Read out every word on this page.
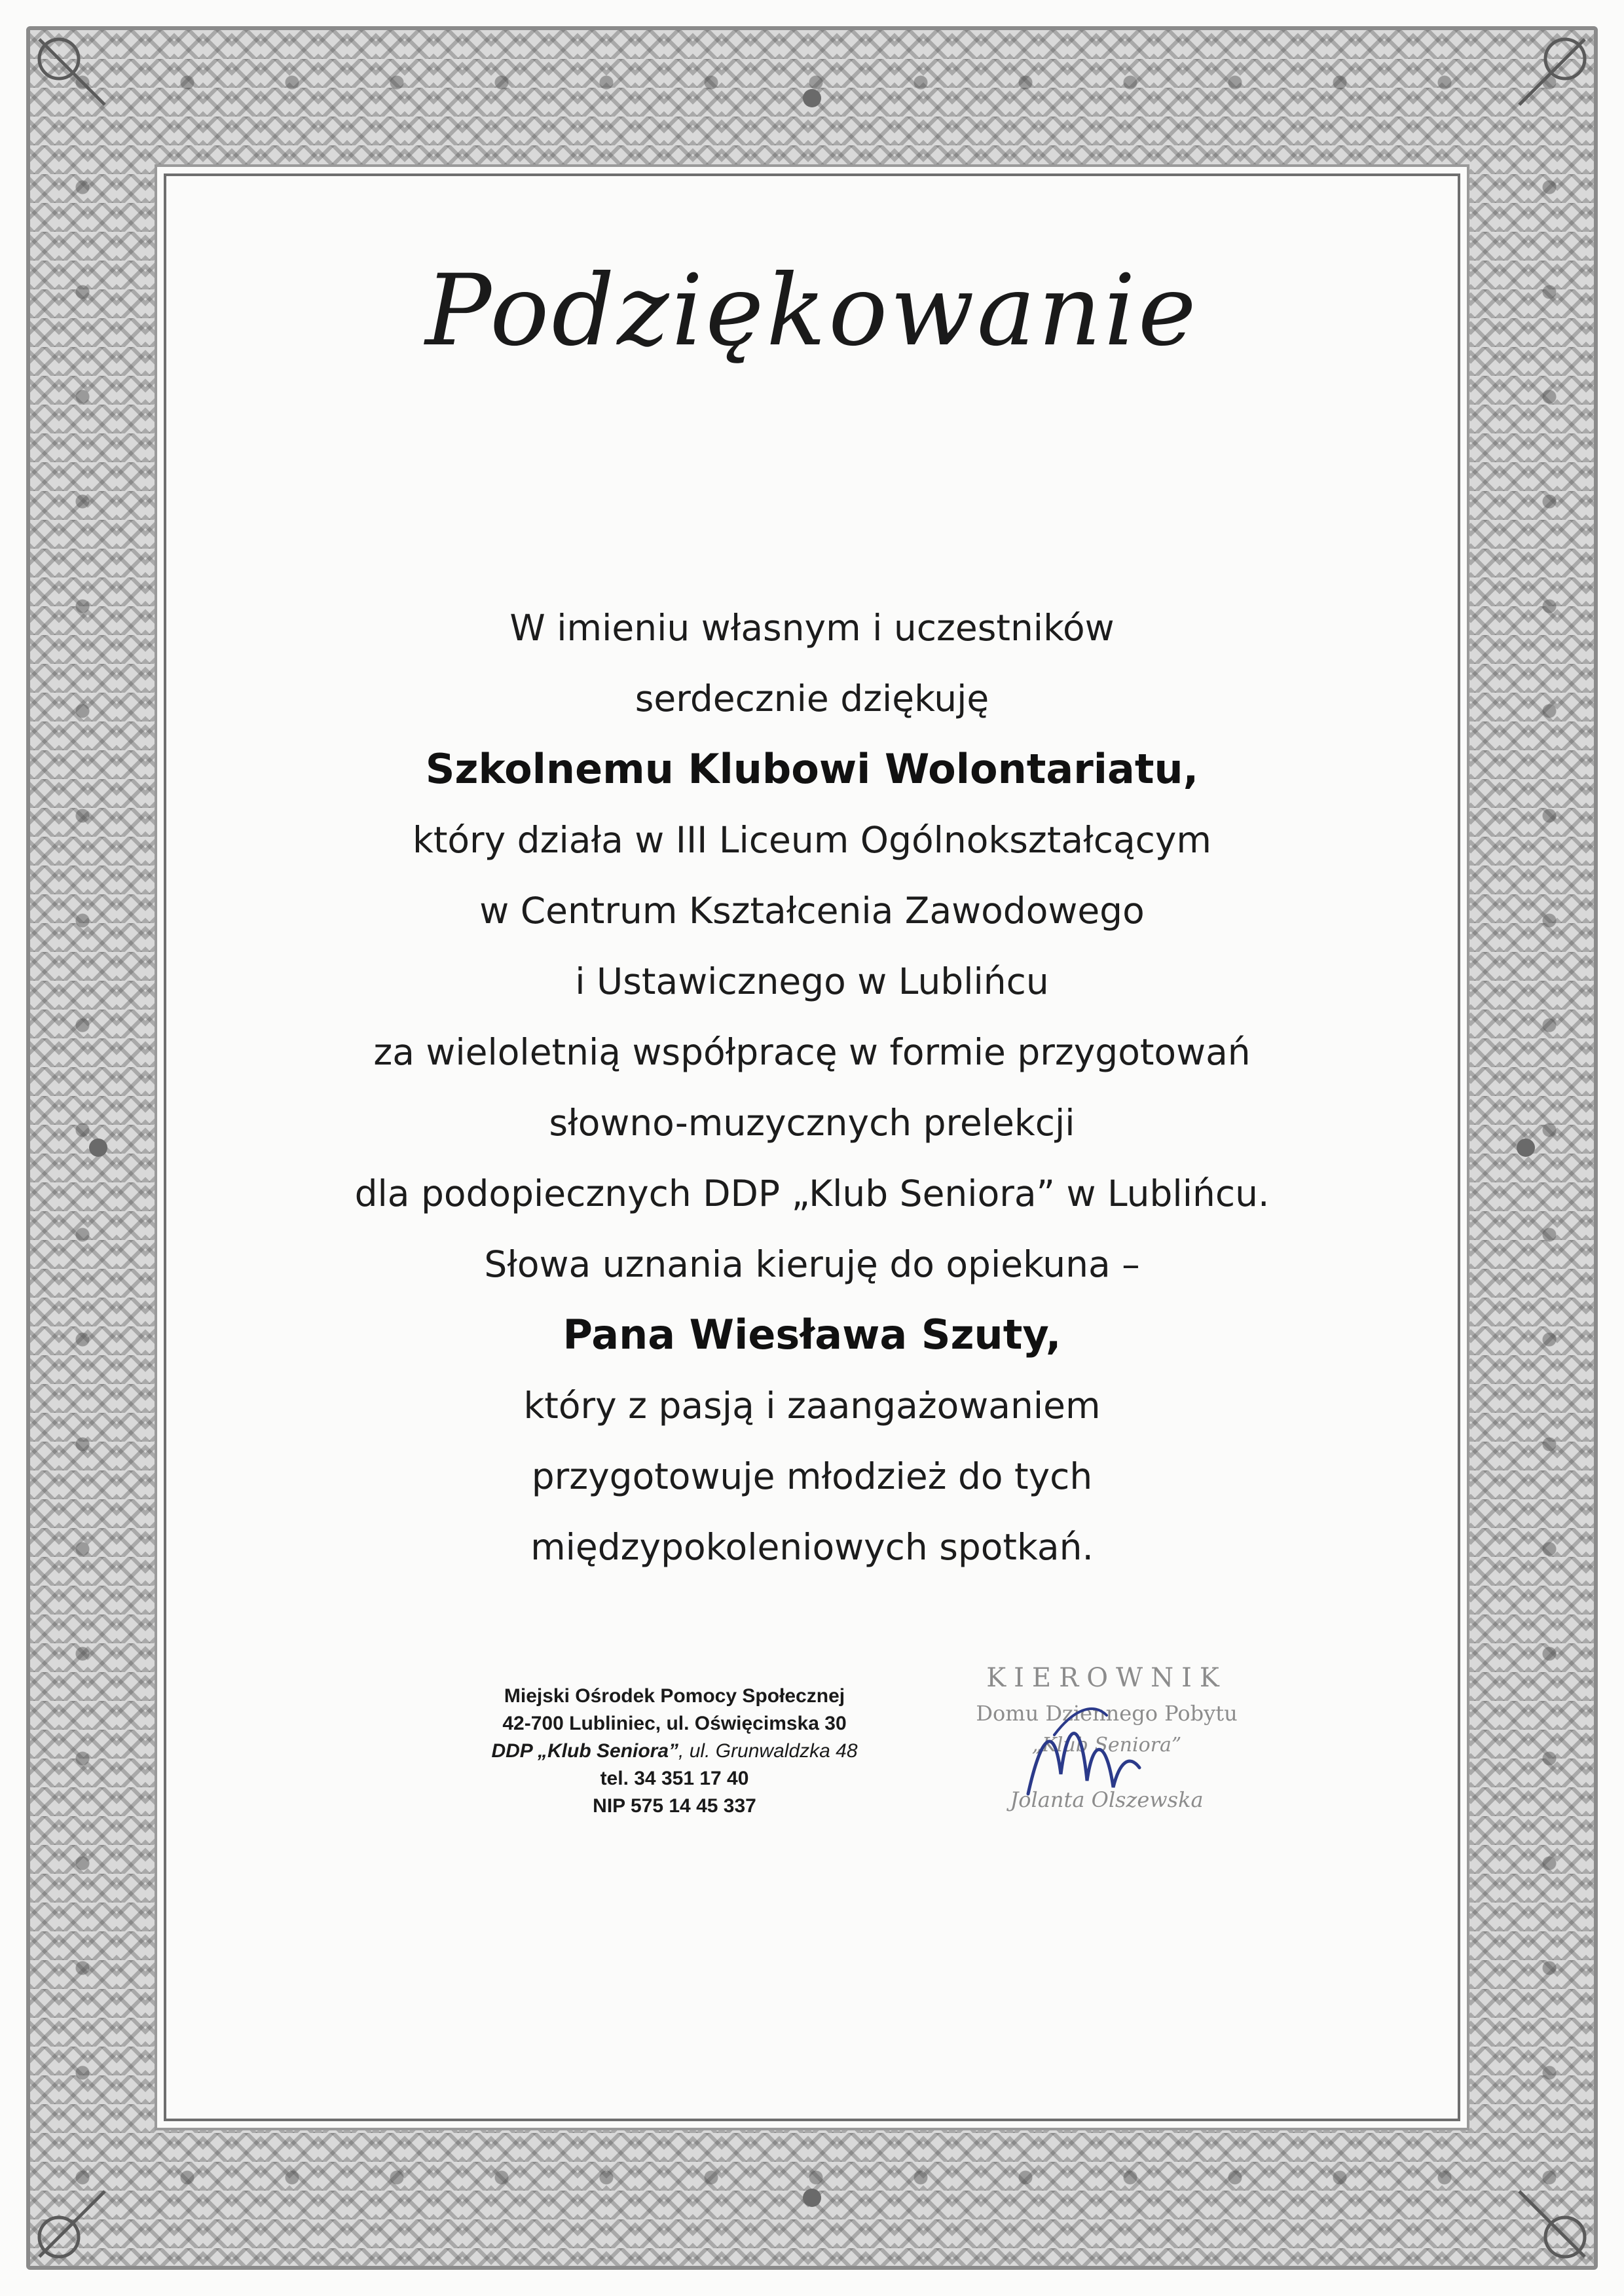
Podziękowanie
W imieniu własnym i uczestników
serdecznie dziękuję
Szkolnemu Klubowi Wolontariatu,
który działa w III Liceum Ogólnokształcącym
w Centrum Kształcenia Zawodowego
i Ustawicznego w Lublińcu
za wieloletnią współpracę w formie przygotowań
słowno-muzycznych prelekcji
dla podopiecznych DDP „Klub Seniora” w Lublińcu.
Słowa uznania kieruję do opiekuna –
Pana Wiesława Szuty,
który z pasją i zaangażowaniem
przygotowuje młodzież do tych
międzypokoleniowych spotkań.
Miejski Ośrodek Pomocy Społecznej
42-700 Lubliniec, ul. Oświęcimska 30
DDP „Klub Seniora”, ul. Grunwaldzka 48
tel. 34 351 17 40
NIP 575 14 45 337
KIEROWNIK
Domu Dziennego Pobytu
„Klub Seniora”
Jolanta Olszewska
